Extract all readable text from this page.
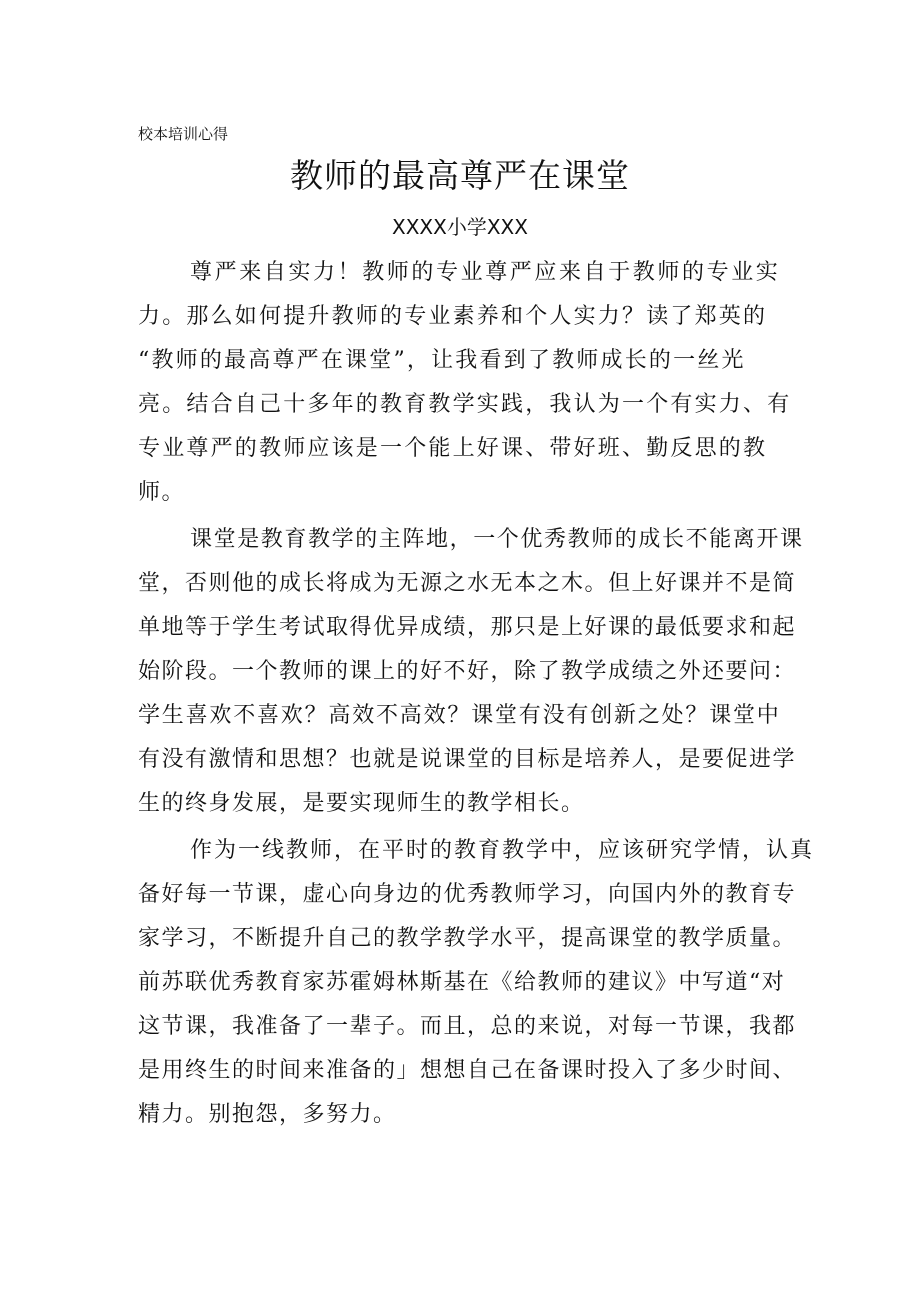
校本培训心得
教师的最高尊严在课堂
XXXX小学XXX
尊严来自实力！教师的专业尊严应来自于教师的专业实
力。那么如何提升教师的专业素养和个人实力？读了郑英的
“教师的最高尊严在课堂”，让我看到了教师成长的一丝光
亮。结合自己十多年的教育教学实践，我认为一个有实力、有
专业尊严的教师应该是一个能上好课、带好班、勤反思的教
师。
课堂是教育教学的主阵地，一个优秀教师的成长不能离开课
堂，否则他的成长将成为无源之水无本之木。但上好课并不是简
单地等于学生考试取得优异成绩，那只是上好课的最低要求和起
始阶段。一个教师的课上的好不好，除了教学成绩之外还要问：
学生喜欢不喜欢？高效不高效？课堂有没有创新之处？课堂中
有没有激情和思想？也就是说课堂的目标是培养人，是要促进学
生的终身发展，是要实现师生的教学相长。
作为一线教师，在平时的教育教学中，应该研究学情，认真
备好每一节课，虚心向身边的优秀教师学习，向国内外的教育专
家学习，不断提升自己的教学教学水平，提高课堂的教学质量。
前苏联优秀教育家苏霍姆林斯基在《给教师的建议》中写道“对
这节课，我准备了一辈子。而且，总的来说，对每一节课，我都
是用终生的时间来准备的」想想自己在备课时投入了多少时间、
精力。别抱怨，多努力。
